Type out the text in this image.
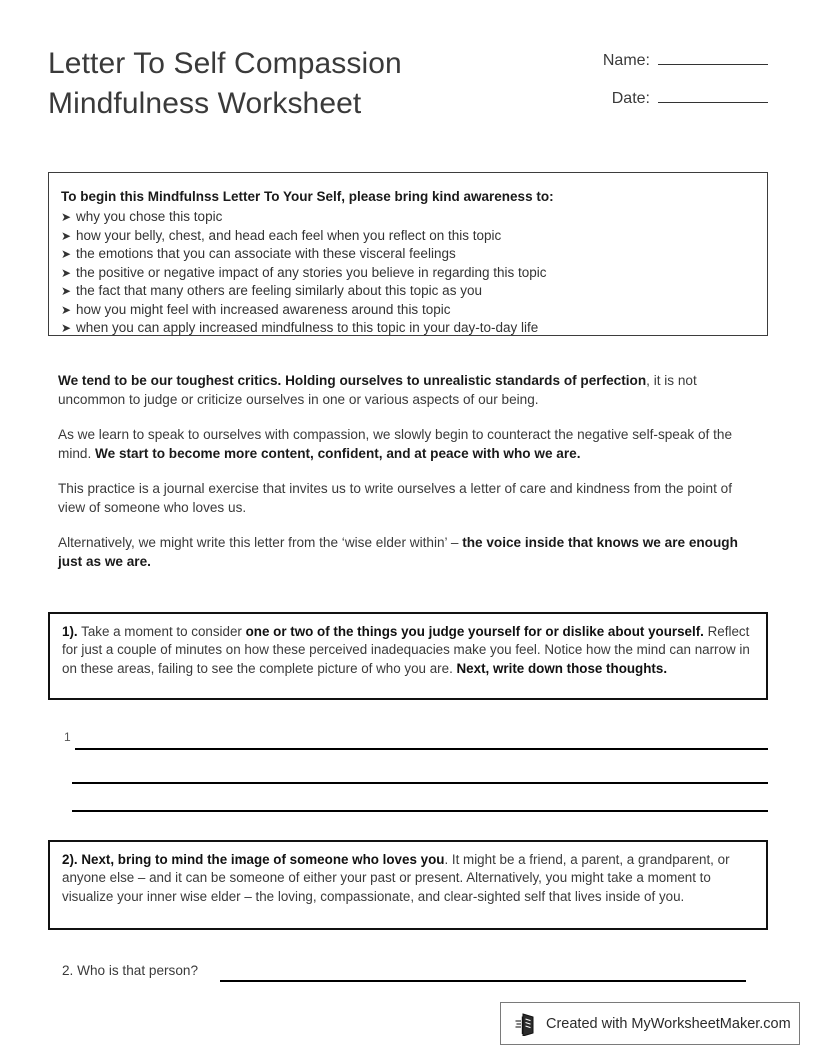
Letter To Self Compassion
Mindfulness Worksheet
Name:
Date:
To begin this Mindfulnss Letter To Your Self, please bring kind awareness to:
➤ why you chose this topic
➤ how your belly, chest, and head each feel when you reflect on this topic
➤ the emotions that you can associate with these visceral feelings
➤ the positive or negative impact of any stories you believe in regarding this topic
➤ the fact that many others are feeling similarly about this topic as you
➤ how you might feel with increased awareness around this topic
➤ when you can apply increased mindfulness to this topic in your day-to-day life

We tend to be our toughest critics. Holding ourselves to unrealistic standards of perfection, it is not uncommon to judge or criticize ourselves in one or various aspects of our being.

As we learn to speak to ourselves with compassion, we slowly begin to counteract the negative self-speak of the mind. We start to become more content, confident, and at peace with who we are.

This practice is a journal exercise that invites us to write ourselves a letter of care and kindness from the point of view of someone who loves us.

Alternatively, we might write this letter from the ‘wise elder within’ – the voice inside that knows we are enough just as we are.

1). Take a moment to consider one or two of the things you judge yourself for or dislike about yourself. Reflect for just a couple of minutes on how these perceived inadequacies make you feel. Notice how the mind can narrow in on these areas, failing to see the complete picture of who you are. Next, write down those thoughts.

1

2). Next, bring to mind the image of someone who loves you. It might be a friend, a parent, a grandparent, or anyone else – and it can be someone of either your past or present. Alternatively, you might take a moment to visualize your inner wise elder – the loving, compassionate, and clear-sighted self that lives inside of you.

2. Who is that person?
Created with MyWorksheetMaker.com
